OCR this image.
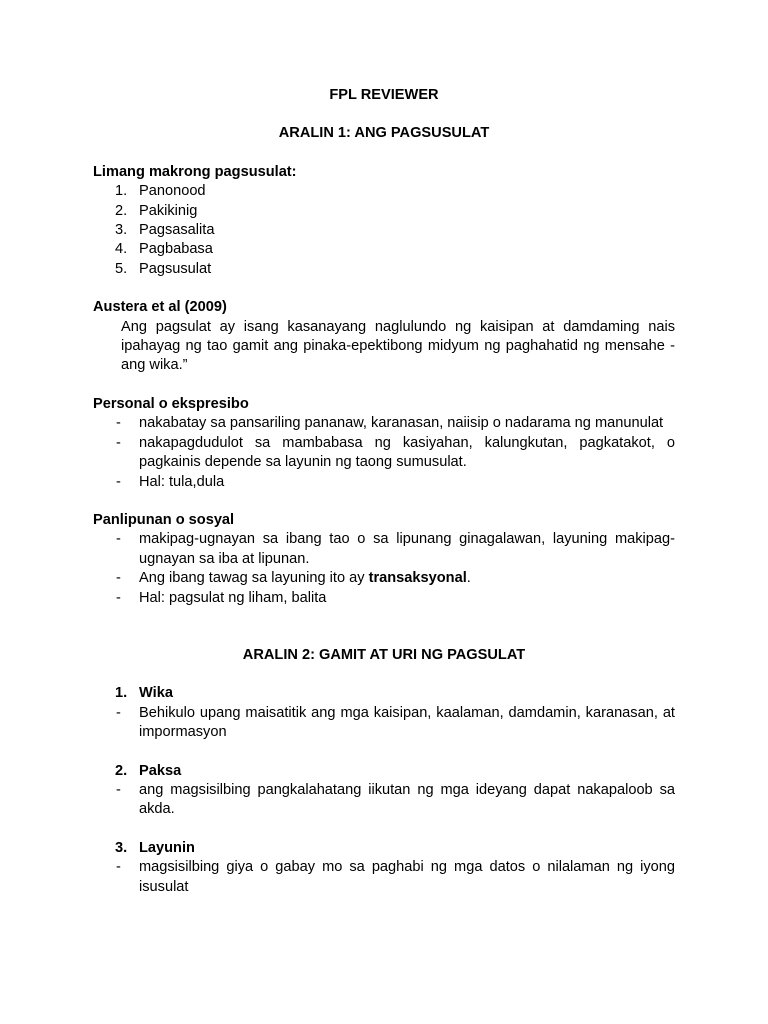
FPL REVIEWER

ARALIN 1: ANG PAGSUSULAT

Limang makrong pagsusulat:

1. Panonood
2. Pakikinig
3. Pagsasalita
4. Pagbabasa
5. Pagsusulat

Austera et al (2009)

Ang pagsulat ay isang kasanayang naglulundo ng kaisipan at damdaming nais ipahayag ng tao gamit ang pinaka-epektibong midyum ng paghahatid ng mensahe - ang wika.”

Personal o ekspresibo

- nakabatay sa pansariling pananaw, karanasan, naiisip o nadarama ng manunulat
- nakapagdudulot sa mambabasa ng kasiyahan, kalungkutan, pagkatakot, o pagkainis depende sa layunin ng taong sumusulat.
- Hal: tula,dula

Panlipunan o sosyal

- makipag-ugnayan sa ibang tao o sa lipunang ginagalawan, layuning makipag-ugnayan sa iba at lipunan.
- Ang ibang tawag sa layuning ito ay transaksyonal.
- Hal: pagsulat ng liham, balita

ARALIN 2: GAMIT AT URI NG PAGSULAT

1. Wika

- Behikulo upang maisatitik ang mga kaisipan, kaalaman, damdamin, karanasan, at impormasyon

2. Paksa

- ang magsisilbing pangkalahatang iikutan ng mga ideyang dapat nakapaloob sa akda.

3. Layunin

- magsisilbing giya o gabay mo sa paghabi ng mga datos o nilalaman ng iyong isusulat
